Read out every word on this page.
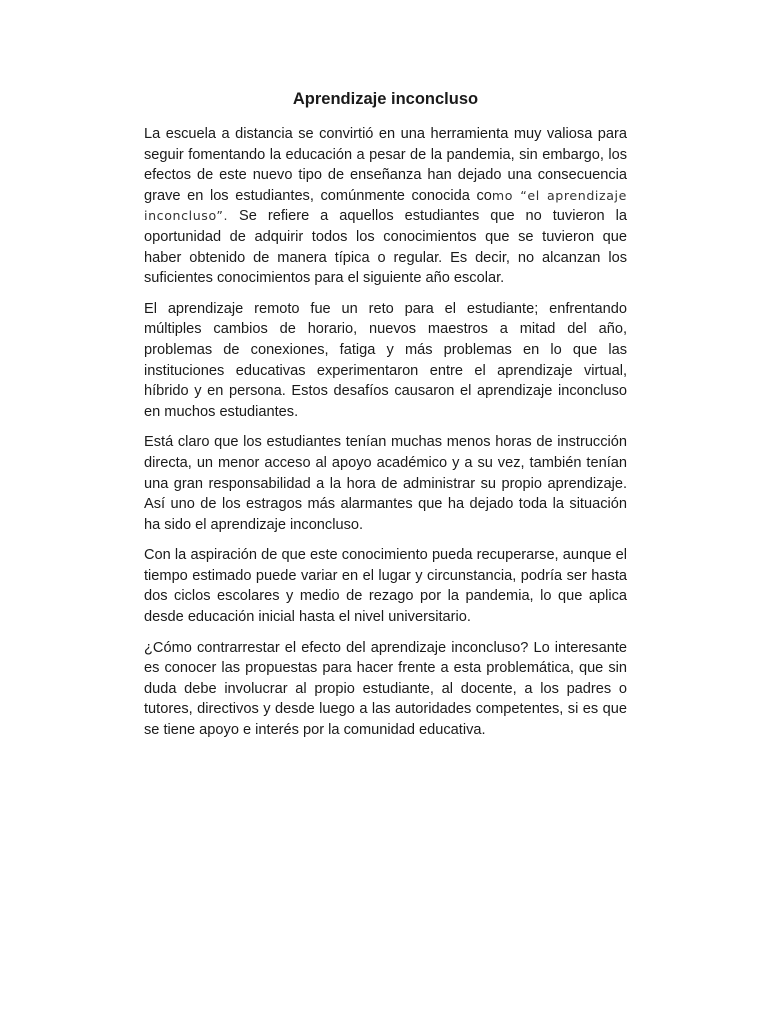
Aprendizaje inconcluso

La escuela a distancia se convirtió en una herramienta muy valiosa para seguir fomentando la educación a pesar de la pandemia, sin embargo, los efectos de este nuevo tipo de enseñanza han dejado una consecuencia grave en los estudiantes, comúnmente conocida como “el aprendizaje inconcluso”. Se refiere a aquellos estudiantes que no tuvieron la oportunidad de adquirir todos los conocimientos que se tuvieron que haber obtenido de manera típica o regular. Es decir, no alcanzan los suficientes conocimientos para el siguiente año escolar.

El aprendizaje remoto fue un reto para el estudiante; enfrentando múltiples cambios de horario, nuevos maestros a mitad del año, problemas de conexiones, fatiga y más problemas en lo que las instituciones educativas experimentaron entre el aprendizaje virtual, híbrido y en persona. Estos desafíos causaron el aprendizaje inconcluso en muchos estudiantes.

Está claro que los estudiantes tenían muchas menos horas de instrucción directa, un menor acceso al apoyo académico y a su vez, también tenían una gran responsabilidad a la hora de administrar su propio aprendizaje. Así uno de los estragos más alarmantes que ha dejado toda la situación ha sido el aprendizaje inconcluso.

Con la aspiración de que este conocimiento pueda recuperarse, aunque el tiempo estimado puede variar en el lugar y circunstancia, podría ser hasta dos ciclos escolares y medio de rezago por la pandemia, lo que aplica desde educación inicial hasta el nivel universitario.

¿Cómo contrarrestar el efecto del aprendizaje inconcluso? Lo interesante es conocer las propuestas para hacer frente a esta problemática, que sin duda debe involucrar al propio estudiante, al docente, a los padres o tutores, directivos y desde luego a las autoridades competentes, si es que se tiene apoyo e interés por la comunidad educativa.
